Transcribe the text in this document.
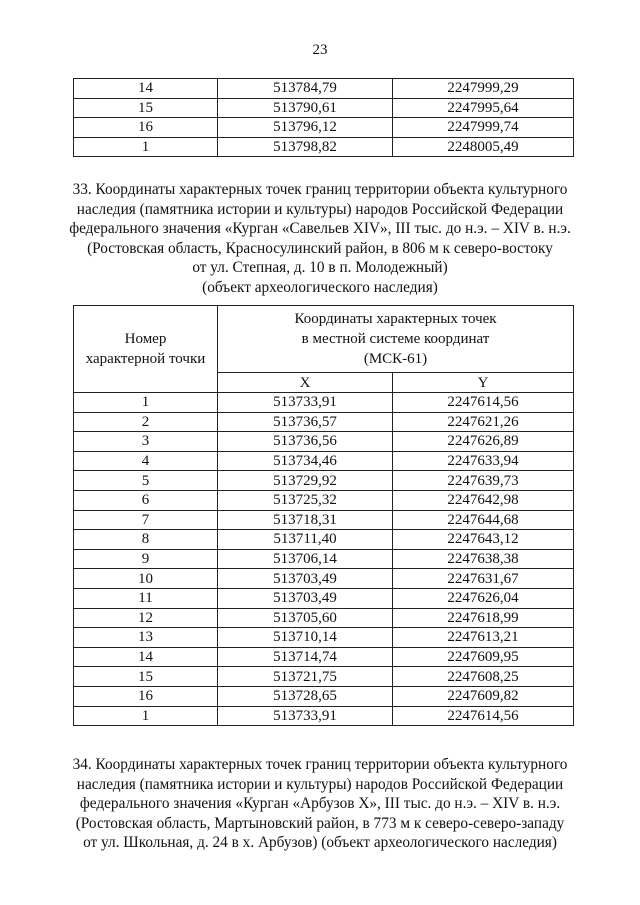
23
14	513784,79	2247999,29
15	513790,61	2247995,64
16	513796,12	2247999,74
1	513798,82	2248005,49
33. Координаты характерных точек границ территории объекта культурного
наследия (памятника истории и культуры) народов Российской Федерации
федерального значения «Курган «Савельев XIV», III тыс. до н.э. – XIV в. н.э.
(Ростовская область, Красносулинский район, в 806 м к северо-востоку
от ул. Степная, д. 10 в п. Молодежный)
(объект археологического наследия)
Номер
характерной точки	Координаты характерных точек
в местной системе координат
(МСК-61)	

	X	Y
1	513733,91	2247614,56
2	513736,57	2247621,26
3	513736,56	2247626,89
4	513734,46	2247633,94
5	513729,92	2247639,73
6	513725,32	2247642,98
7	513718,31	2247644,68
8	513711,40	2247643,12
9	513706,14	2247638,38
10	513703,49	2247631,67
11	513703,49	2247626,04
12	513705,60	2247618,99
13	513710,14	2247613,21
14	513714,74	2247609,95
15	513721,75	2247608,25
16	513728,65	2247609,82
1	513733,91	2247614,56
34. Координаты характерных точек границ территории объекта культурного
наследия (памятника истории и культуры) народов Российской Федерации
федерального значения «Курган «Арбузов X», III тыс. до н.э. – XIV в. н.э.
(Ростовская область, Мартыновский район, в 773 м к северо-северо-западу
от ул. Школьная, д. 24 в х. Арбузов) (объект археологического наследия)
